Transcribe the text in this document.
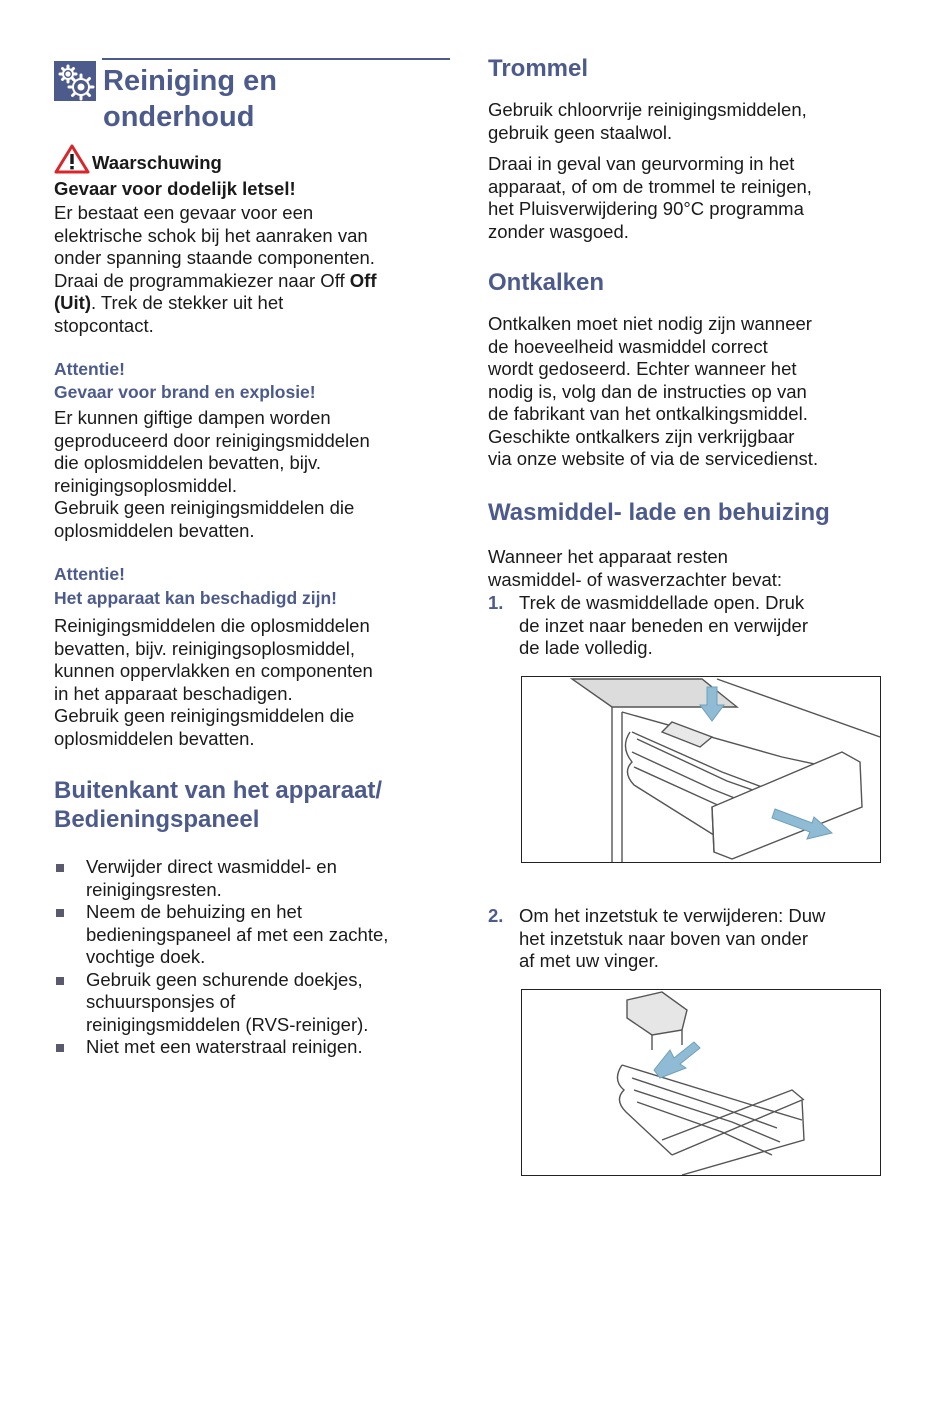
Reiniging en
onderhoud
Waarschuwing

Gevaar voor dodelijk letsel!

Er bestaat een gevaar voor een
elektrische schok bij het aanraken van
onder spanning staande componenten.
Draai de programmakiezer naar Off Off
(Uit). Trek de stekker uit het
stopcontact.

Attentie!

Gevaar voor brand en explosie!

Er kunnen giftige dampen worden
geproduceerd door reinigingsmiddelen
die oplosmiddelen bevatten, bijv.
reinigingsoplosmiddel.
Gebruik geen reinigingsmiddelen die
oplosmiddelen bevatten.

Attentie!

Het apparaat kan beschadigd zijn!

Reinigingsmiddelen die oplosmiddelen
bevatten, bijv. reinigingsoplosmiddel,
kunnen oppervlakken en componenten
in het apparaat beschadigen.
Gebruik geen reinigingsmiddelen die
oplosmiddelen bevatten.

Buitenkant van het apparaat/
Bedieningspaneel
Verwijder direct wasmiddel- en
reinigingsresten.
Neem de behuizing en het
bedieningspaneel af met een zachte,
vochtige doek.
Gebruik geen schurende doekjes,
schuursponsjes of
reinigingsmiddelen (RVS-reiniger).
Niet met een waterstraal reinigen.
Trommel

Gebruik chloorvrije reinigingsmiddelen,
gebruik geen staalwol.

Draai in geval van geurvorming in het
apparaat, of om de trommel te reinigen,
het Pluisverwijdering 90°C programma
zonder wasgoed.

Ontkalken

Ontkalken moet niet nodig zijn wanneer
de hoeveelheid wasmiddel correct
wordt gedoseerd. Echter wanneer het
nodig is, volg dan de instructies op van
de fabrikant van het ontkalkingsmiddel.
Geschikte ontkalkers zijn verkrijgbaar
via onze website of via de servicedienst.

Wasmiddel- lade en behuizing

Wanneer het apparaat resten
wasmiddel- of wasverzachter bevat:

1. Trek de wasmiddellade open. Druk
de inzet naar beneden en verwijder
de lade volledig.
2. Om het inzetstuk te verwijderen: Duw
het inzetstuk naar boven van onder
af met uw vinger.
